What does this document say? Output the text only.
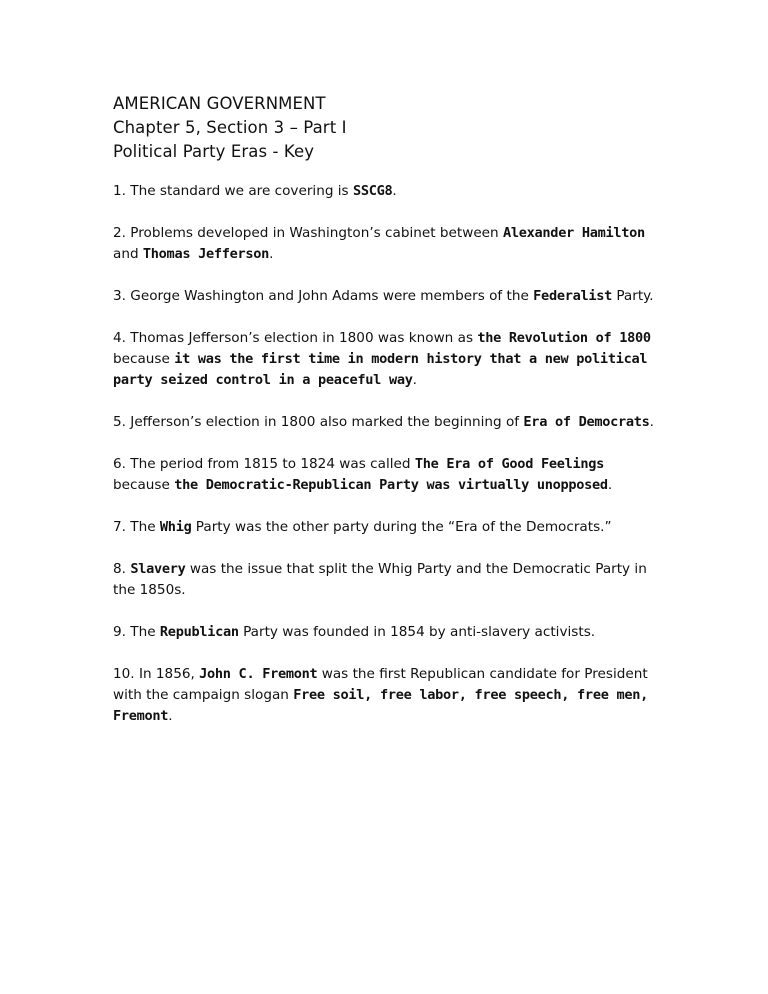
AMERICAN GOVERNMENT

Chapter 5, Section 3 – Part I

Political Party Eras - Key

1. The standard we are covering is SSCG8.

2. Problems developed in Washington’s cabinet between Alexander Hamilton and Thomas Jefferson.

3. George Washington and John Adams were members of the Federalist Party.

4. Thomas Jefferson’s election in 1800 was known as the Revolution of 1800 because it was the first time in modern history that a new political party seized control in a peaceful way.

5. Jefferson’s election in 1800 also marked the beginning of Era of Democrats.

6. The period from 1815 to 1824 was called The Era of Good Feelings because the Democratic-Republican Party was virtually unopposed.

7. The Whig Party was the other party during the “Era of the Democrats.”

8. Slavery was the issue that split the Whig Party and the Democratic Party in the 1850s.

9. The Republican Party was founded in 1854 by anti-slavery activists.

10. In 1856, John C. Fremont was the first Republican candidate for President with the campaign slogan Free soil, free labor, free speech, free men, Fremont.
